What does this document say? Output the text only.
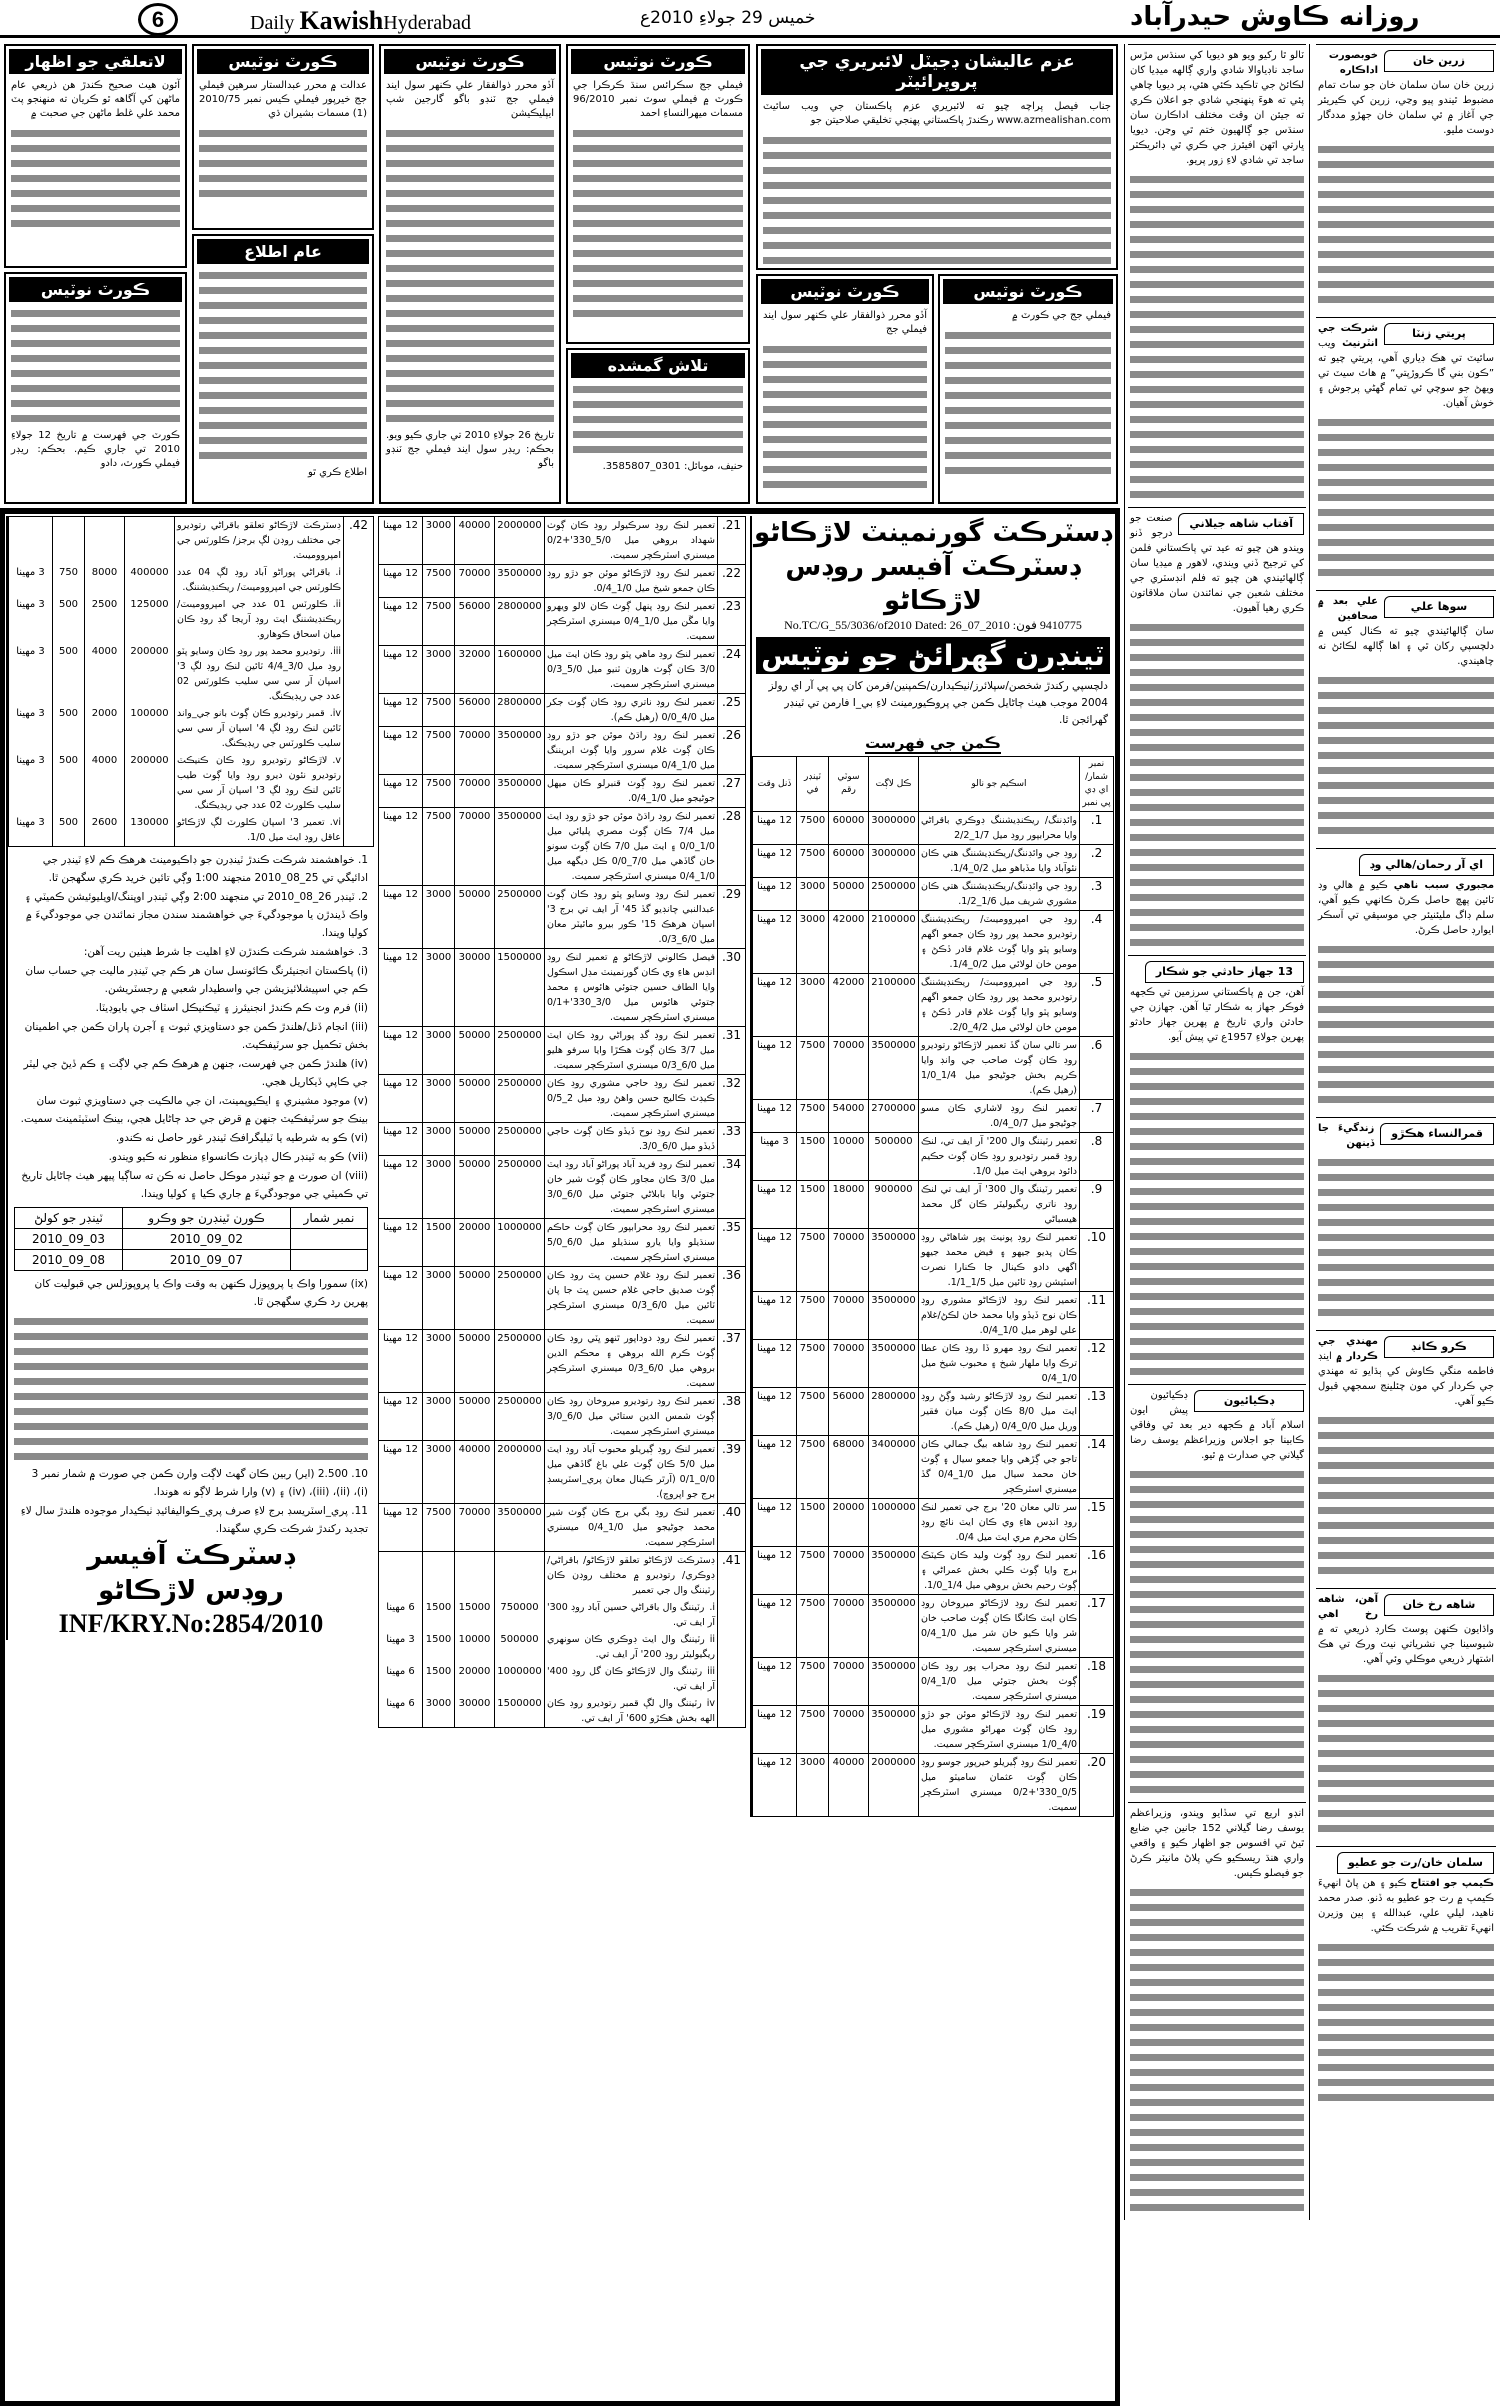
6	Daily KawishHyderabad	خميس 29 جولاءِ 2010ع	روزانه ڪاوش حيدرآباد
لاتعلقي جو اظهار
آئون هيٺ صحيح ڪندڙ هن ذريعي عام ماڻهن کي آگاهه ٿو ڪريان ته منهنجو پٽ محمد علي غلط ماڻهن جي صحبت ۾
ڪورٽ نوٽيس
ڪورٽ جي فهرست ۾ تاريخ 12 جولاءِ 2010 تي جاري ڪيم. بحڪم: ريڊر فيملي ڪورٽ، دادو
ڪورٽ نوٽيس
عدالت ۾ محرر عبدالستار سرهين فيملي جج خيرپور فيملي ڪيس نمبر 2010/75 (1) مسمات بشيران ڌي
عام اطلاع
اطلاع ڪري ٿو
ڪورٽ نوٽيس
آڏو محرر ذوالفقار علي ڪنهر سول ايند فيملي جج ٽنڊو باگو گارجين شپ ايپليڪيشن
تاريخ 26 جولاءِ 2010 تي جاري ڪيو ويو. بحڪم: ريڊر سول ايند فيملي جج ٽنڊو باگو
ڪورٽ نوٽيس
فيملي جج سڪرائس سنڌ ڪرڪرا جي ڪورٽ ۾ فيملي سوٽ نمبر 96/2010 مسمات ميهرالنساءِ احمد
تلاش گمشده
حنيف، موبائل: 0301_3585807.
عزم عاليشان ڊجيٽل لائبريري جي پروپرائيٽر
جناب فيصل پراچه چيو ته لائبريري عزم پاڪستان جي ويب سائيٽ www.azmealishan.com رڪندڙ پاڪستاني پهنجي تخليقي صلاحيتن جو
ڪورٽ نوٽيس
آڏو محرر ذوالفقار علي ڪنهر سول ايند فيملي جج
ڪورٽ نوٽيس
فيملي جج جي ڪورٽ ۾
ڊسٽرڪٽ گورنمينٽ لاڙڪاڻو
ڊسٽرڪٽ آفيسر روڊس لاڙڪاڻو
9410775 فون: No.TC/G_55/3036/of2010 Dated: 26_07_2010
ٽينڊرن گهرائڻ جو نوٽيس
دلچسپي رکندڙ شخصن/سپلائرز/ٺيڪيدارن/ڪمپنين/فرمن کان پي پي آر اي رولز 2004 موجب هيٺ ڄاڻايل ڪمن جي پروڪيورمينٽ لاءِ بي_I فارمن تي ٽينڊر گهرائجن ٿا.
ڪمن جي فهرست
نمبر شمار/اي ڊي پي نمبر	اسڪيم جو نالو	ڪل لاڳت	سوٽي رقم	ٽينڊر في	ڏنل وقت
1.	وائڊننگ/ ريڪنڊيشننگ ڊوڪري باقراڻي وايا محرابپور روڊ ميل 1/7_2/2	3000000	60000	7500	12 مهينا
2.	روڊ جي وائڊننگ/ريڪنڊيشننگ هتي ڪان نئوآباد وايا مڏباهو ميل 0/2_1/4.	3000000	60000	7500	12 مهينا
3.	روڊ جي وائڊننگ/ريڪنڊيشننگ هتي ڪان مشوري شريف ميل 1/6_1/2.	2500000	50000	3000	12 مهينا
4.	روڊ جي امپرووميںٽ/ ريڪنڊيشننگ رتوديرو محمد پور روڊ ڪان جمعو اگهم وسايو پٽو وايا ڳوٺ غلام قادر ڏڪڻ ۽ مومن خان لولائي ميل 0/2_1/4.	2100000	42000	3000	12 مهينا
5.	روڊ جي امپرووميںٽ/ ريڪنڊيشننگ رتوديرو محمد پور روڊ ڪان جمعو اگهم وسايو پٽو وايا ڳوٺ غلام قادر ڏڪڻ ۽ مومن خان لولائي ميل 4/2_2/0.	2100000	42000	3000	12 مهينا
6.	سر تالي سان گڏ تعمير لاڙڪاڻو رتوديرو روڊ ڪان ڳوٺ صاحب جي وانڊ وايا ڪريم بخش جوڻيجو ميل 1/4_1/0 (رهيل ڪم).	3500000	70000	7500	12 مهينا
7.	تعمير لنڪ روڊ لاشاري ڪان مسو جوڻيجو ميل 0/7_0/4.	2700000	54000	7500	12 مهينا
8.	تعمير رٽيننگ وال 200' آر ايف تي، لنڪ روڊ قمبر رتوديرو روڊ ڪان ڳوٺ حڪيم دائود بروهي ايٽ ميل 1/0.	500000	10000	1500	3 مهينا
9.	تعمير رٽيننگ وال 300' آر ايف تي لنڪ روڊ ناتري ريگيوليٽر ڪان گل محمد هيسباڻي	900000	18000	1500	12 مهينا
10.	تعمير لنڪ روڊ پونيٽ پور شاهاڻي روڊ ڪان پديو جيهو ۽ فيض محمد جيهو اگهي دادو ڪينال جا ڪنارا نصرت اسٽيشن روڊ ٽائين ميل 1/5_1/1.	3500000	70000	7500	12 مهينا
11.	تعمير لنڪ روڊ لاڙڪاڻو مشوري روڊ ڪان نوح ڏيڏو وايا محمد خان لڪڻ/غلام علي لوهر ميل 1/0_0/4.	3500000	70000	7500	12 مهينا
12.	تعمير لنڪ روڊ مهرو ڏا روڊ ڪان عطا ترڪ وايا ملهار شيخ ۽ محبوب شيخ ميل 1/0_0/4	3500000	70000	7500	12 مهينا
13.	تعمير لنڪ روڊ لاڙڪاڻو رشيد وڳڻ روڊ ايٽ ميل 8/0 ڪان ڳوٺ ميان فقير وريل ميل 0/0_0/4 (رهيل ڪم).	2800000	56000	7500	12 مهينا
14.	تعمير لنڪ روڊ شاهه بيگ جمالي ڪان تاجو جي ڳڙهي وايا جمعو سيال ۽ ڳوٺ خان محمد سيال ميل 1/0_0/4 گڏ ميسنري اسٽرڪچر	3400000	68000	7500	12 مهينا
15.	سر تالي معان 20' برج جي تعمير لنڪ روڊ انڊس هاءِ وي ڪان ايٽ نائچ روڊ ڪان محرم مري ايٽ ميل 0/4.	1000000	20000	1500	12 مهينا
16.	تعمير لنڪ روڊ ڳوٺ وليد ڪان ڪيٽڪ برج وايا ڳوٺ ڪلي بخش عمراڻي ۽ ڳوٺ رحيم بخش بروهي ميل 1/4_1/0.	3500000	70000	7500	12 مهينا
17.	تعمير لنڪ روڊ لاڙڪاڻو ميروخان روڊ ڪان ايٽ ڪانگا ڪان ڳوٺ صاحب خان شر وايا ڪيو خان شر ميل 1/0_0/4 ميسنري اسٽرڪچر سميت.	3500000	70000	7500	12 مهينا
18.	تعمير لنڪ روڊ محراب پور روڊ ڪان ڳوٺ بخش جتوئي ميل 1/0_0/4 ميسنري اسٽرڪچر سميت.	3500000	70000	7500	12 مهينا
19.	تعمير لنڪ روڊ لاڙڪاڻو موئن جو دڙو روڊ ڪان ڳوٺ مهراڻو مشوري ميل 4/0_1/0 ميسنري اسٽرڪچر سميت.	3500000	70000	7500	12 مهينا
20.	تعمير لنڪ روڊ ڳيريلو خيرپور جوسو روڊ ڪان ڳوٺ عثمان ساميٽو ميل 0/5_330'+0/2 ميسنري اسٽرڪچر سميت.	2000000	40000	3000	12 مهينا
21.	تعمير لنڪ روڊ سرڪيولر روڊ ڪان ڳوٺ شهداد بروهي ميل 5/0_330'+0/2 ميسنري اسٽرڪچر سميت.	2000000	40000	3000	12 مهينا
22.	تعمير لنڪ روڊ لاڙڪاڻو موئن جو دڙو روڊ ڪان جمعو شيخ ميل 1/0_0/4.	3500000	70000	7500	12 مهينا
23.	تعمير لنڪ روڊ پنهل ڳوٺ ڪان لالو ويهرو وايا مڱن ميل 1/0_0/4 ميسنري اسٽرڪچر سميت.	2800000	56000	7500	12 مهينا
24.	تعمير لنڪ روڊ ماهي پٽو روڊ ڪان ايٽ ميل 3/0 ڪان ڳوٺ هارون ٽنيو ميل 5/0_0/3 ميسنري اسٽرڪچر سميت.	1600000	32000	3000	12 مهينا
25.	تعمير لنڪ روڊ ناتري روڊ ڪان ڳوٺ جکر ميل 4/0_0/0 (رهيل ڪم).	2800000	56000	7500	12 مهينا
26.	تعمير لنڪ روڊ راڌڻ موئن جو دڙو روڊ ڪان ڳوٺ غلام سرور وايا ڳوٺ ابريننگ ميل 1/0_0/4 ميسنري اسٽرڪچر سميت.	3500000	70000	7500	12 مهينا
27.	تعمير لنڪ روڊ ڳوٺ قنبرلو ڪان ميهل جوڻيجو ميل 1/0_0/4.	3500000	70000	7500	12 مهينا
28.	تعمير لنڪ روڊ راڌڻ موئن جو دڙو روڊ ايٽ ميل 7/4 ڪان ڳوٺ مصري پليائي ميل 1/0_0/0 ۽ ايٽ ميل 7/0 ڪان ڳوٺ سونو خان گاڏهي ميل 7/0_0/0 ڪل ديگهه ميل 1/0_0/4 ميسنري اسٽرڪچر سميت.	3500000	70000	7500	12 مهينا
29.	تعمير لنڪ روڊ وسايو پٽو روڊ ڪان ڳوٺ عبدالنبي چانڊيو گڏ 45' آر ايف تي برج 3' اسپان هرهڪ 15' ڪور بيرو مائيٽر معان ميل 6/0_0/3.	2500000	50000	3000	12 مهينا
30.	فيصل ڪالوني لاڙڪاڻو ۾ تعمير لنڪ روڊ انڊس هاءِ وي ڪان گورنمينٽ مڊل اسڪول وايا الطاف حسين جتوئي هائوس ۽ محمد جتوئي هائوس ميل 3/0_330'+0/1 ميسنري اسٽرڪچر سميت.	1500000	30000	3000	12 مهينا
31.	تعمير لنڪ روڊ گڊ پوراڻي روڊ ڪان ايٽ ميل 3/7 ڪان ڳوٺ هڪڙا وايا سرفو هليو ميل 6/0_0/3 ميسنري اسٽرڪچر سميت.	2500000	50000	3000	12 مهينا
32.	تعمير لنڪ روڊ حاجي مشوري روڊ ڪان ڪيڊٽ ڪاليج حسن واهڻ روڊ ميل 2_0/5 ميسنري اسٽرڪچر سميت.	2500000	50000	3000	12 مهينا
33.	تعمير لنڪ روڊ نوح ڏيڏو ڪان ڳوٺ حاجي ڏيڏو ميل 6/0_3/0.	2500000	50000	3000	12 مهينا
34.	تعمير لنڪ روڊ فريد آباد پوراڻو آباد روڊ ايٽ ميل 3/0 ڪان مجاور ڪان ڳوٺ شير خان جتوئي وايا بابلاڻي جتوئي ميل 6/0_3/0 ميسنري اسٽرڪچر سميت.	2500000	50000	3000	12 مهينا
35.	تعمير لنڪ روڊ محرابپور ڪان ڳوٺ حاڪم سنڌيلو وايا يارو سنڌيلو ميل 6/0_5/0 ميسنري اسٽرڪچر سميت.	1000000	20000	1500	12 مهينا
36.	تعمير لنڪ روڊ غلام حسين ڀٽ روڊ ڪان ڳوٺ صديق حاجي غلام حسين ڀٽ جا پان ٽائين ميل 6/0_0/3 ميسنري اسٽرڪچر سميت.	2500000	50000	3000	12 مهينا
37.	تعمير لنڪ روڊ دوداپور ٿنهو ڀٽي روڊ ڪان ڳوٺ ڪرم الله بروهي ۽ محڪم الدين بروهي ميل 6/0_0/3 ميسنري اسٽرڪچر سميت.	2500000	50000	3000	12 مهينا
38.	تعمير لنڪ روڊ رتوديرو ميروخان روڊ ڪان ڳوٺ شمس الدين ستائي ميل 6/0_3/0 ميسنري اسٽرڪچر سميت.	2500000	50000	3000	12 مهينا
39.	تعمير لنڪ روڊ ڳيريلو محبوب آباد روڊ ايٽ ميل 5/0 ڪان ڳوٺ علي باغ گاڏهي ميل 0/0_0/1 (آرٿر ڪينال معان پري_اسٽريسڊ برج جو اپروچ).	2000000	40000	3000	12 مهينا
40.	تعمير لنڪ روڊ بگي برج ڪان ڳوٺ شير محمد جوڻيجو ميل 1/0_0/4 ميسنري اسٽرڪچر سميت.	3500000	70000	7500	12 مهينا
41.	ڊسٽرڪٽ لاڙڪاڻو تعلقو لاڙڪاڻو/ باقراڻي/ ڊوڪري/ رتوديرو ۾ مختلف روڊن ڪان رٽيننگ وال جي تعمير				
	i.رٽيننگ وال باقراڻي حسين آباد روڊ 300' آر ايف تي.	750000	15000	1500	6 مهينا
	iiرٽيننگ وال ايٽ ڊوڪري ڪان سونهري ريگيوليٽر روڊ 200' آر ايف تي.	500000	10000	1500	3 مهينا
	iiiرٽيننگ وال لاڙڪاڻو ڪان گل روڊ 400' آر ايف تي.	1000000	20000	1500	6 مهينا
	ivرٽيننگ وال لڳ قمبر رتوديرو روڊ ڪان الهه بخش هڪڙو 600' آر ايف تي.	1500000	30000	3000	6 مهينا
42.	ڊسٽرڪٽ لاڙڪاڻو تعلقو باقراڻي رتوديرو جي مختلف روڊن لڳ برجز/ ڪلورٽس جي امپرووميںٽ.				
	i.باقراڻي پوراڻو آباد روڊ لڳ 04 عدد ڪلورٽس جي امپرووميںٽ/ ريڪنڊيشننگ.	400000	8000	750	3 مهينا
	ii.ڪلورٽس 01 عدد جي امپرووميںٽ/ ريڪنڊيشننگ ايٽ روڊ آريجا گڊ روڊ ڪان ميان اسحاق ڪوهارو.	125000	2500	500	3 مهينا
	iii.رتوديرو محمد پور روڊ ڪان وسايو پٽو روڊ ميل 3/0_4/4 ٽائين لنڪ روڊ لڳ 3' اسپان آر سي سي سليب ڪلورٽس 02 عدد جي ريڊيڪنگ.	200000	4000	500	3 مهينا
	iv.قمبر رتوديرو ڪان ڳوٺ بانو جي_واند ٽائين لنڪ روڊ لڳ 4' اسپان آر سي سي سليب ڪلورٽس جي ريڊيڪنگ.	100000	2000	500	3 مهينا
	v.لاڙڪاڻو رتوديرو روڊ ڪان ڪنيڪٽ رتوديرو نئون ديرو روڊ وايا ڳوٺ طيب ٽائين لنڪ روڊ لڳ 3' اسپان آر سي سي سليب ڪلورٽ 02 عدد جي ريڊيڪنگ.	200000	4000	500	3 مهينا
	vi.تعمير 3' اسپان ڪلورٽ لڳ لاڙڪاڻو عاقل روڊ ايٽ ميل 1/0.	130000	2600	500	3 مهينا
1. خواهشمند شرڪت ڪندڙ ٽينڊرن جو ڊاڪيومينٽ هرهڪ ڪم لاءِ ٽينڊر جي ادائيگي تي 25_08_2010 منجهند 1:00 وڳي تائين خريد ڪري سگهجن ٿا.
2. ٽينڊر 26_08_2010 تي منجهند 2:00 وڳي ٽينڊر اوپننگ/اويليوئيشن ڪميٽي ۽ واڪ ڏيندڙن يا موجودگيءَ جي خواهشمند سندن مجاز نمائندن جي موجودگيءَ ۾ کوليا ويندا.
3. خواهشمند شرڪت ڪندڙن لاءِ اهليت جا شرط هيٺين ريت آهن:
(i) پاڪستان انجنيئرنگ ڪائونسل سان هر ڪم جي ٽينڊر ماليت جي حساب سان ڪم جي اسپيشلائيزيشن جي واسطيدار شعبي ۾ رجسٽريشن.
(ii) فرم وٽ ڪم ڪندڙ انجنيئرز ۽ ٽيڪنيڪل اسٽاف جي بايوڊيٽا.
(iii) انجام ڏنل/هلندڙ ڪمن جو دستاويزي ثبوت ۽ آجرن پاران ڪمن جي اطمينان بخش تڪميل جو سرٽيفڪيٽ.
(iv) هلندڙ ڪمن جي فهرست، جنهن ۾ هرهڪ ڪم جي لاڳت ۽ ڪم ڏيڻ جي ليٽر جي ڪاپي ڏيکاريل هجي.
(v) موجود مشينري ۽ ايڪيوپمينٽ، ان جي مالڪيت جي دستاويزي ثبوت سان بينڪ جو سرٽيفڪيٽ جنهن ۾ قرض جي حد ڄاڻايل هجي، بينڪ اسٽيٽمينٽ سميت.
(vi) ڪو به شرطيه يا ٽيليگرافڪ ٽينڊر غور حاصل نه ڪندو.
(vii) ڪو به ٽينڊر ڪال ڊپازٽ ڪانسواءِ منظور نه ڪيو ويندو.
(viii) ان صورت ۾ جو ٽينڊر موڪل حاصل نه ڪن ته ساڳيا پيهر هيٺ ڄاڻايل تاريخ تي ڪميٽي جي موجودگيءَ ۾ جاري ڪيا ۽ کوليا ويندا.
نمبر شمار	ڪورن ٽينڊرن جو وڪرو	ٽينڊر جو کولڻ
	02_09_2010	03_09_2010
	07_09_2010	08_09_2010
(ix) سمورا واڪ يا پروپوزل ڪنهن به وقت واڪ يا پروپوزلس جي قبوليت کان پهرين رد ڪري سگهجن ٿا.
10. 2.500 (اير) ربين ڪان گهٽ لاڳت وارن ڪمن جي صورت ۾ شمار نمبر 3 (i)، (ii)، (iii)، (iv) ۽ (v) وارا شرط لاڳو نه هوندا.
11. پري_اسٽريسڊ برج لاءِ صرف پري_ڪواليفائيڊ ٺيڪيدار موجوده هلندڙ سال لاءِ تجديد رکندڙ شرڪت ڪري سگهندا.
ڊسٽرڪٽ آفيسر
روڊس لاڙڪاڻو
INF/KRY.No:2854/2010
ٽالو ٿا رکيو ويو هو ديويا کي سنڌس مڙس ساجد ناڊياوالا شادي واري ڳالهه ميڊيا کان لڪائڻ جي تاڪيد ڪئي هئي، پر ديويا چاهي پئي ته هوءَ پنهنجي شادي جو اعلان ڪري ته جيئن ان وقت مختلف اداڪارن سان سنڌس جو ڳالهيون ختم ٿي وڃن. ديويا ڀارتي اٿهن افيئرز جي ڪري ٿي ڊائريڪٽر ساجد تي شادي لاءِ زور پريو.
آفتاب شاهه جيلاني
صنعت جو درجو ڏنو ويندو هن چيو ته عيد تي پاڪستاني فلمن کي ترجيح ڏني ويندي، لاهور ۾ ميڊيا سان ڳالهائيندي هن چيو ته فلم انڊسٽري جي مختلف شعبن جي نمائندن سان ملاقاتون ڪري رهيا آهيون.
13 جهاز حادثي جو شڪار
آهن، جن ۾ پاڪستاني سرزمين تي ڪجهه فوڪر جهاز به شڪار ٿيا آهن. جهازن جي حادثن واري تاريخ ۾ پهرين جهاز حادثو پهرين جولاءِ 1957ع تي پيش آيو.
ڊڪيائيون
ڊڪيائيون پيش ايون اسلام آباد ۾ ڪجهه دير بعد ٿي وفاقي ڪابينا جو اجلاس وزيراعظم يوسف رضا گيلاني جي صدارت ۾ ٿيو.
انڊو اريع تي سڏايو ويندو، وزيراعظم يوسف رضا گيلاني 152 جانين جي ضايع ٿيڻ تي افسوس جو اظهار ڪيو ۽ واقعي واري هنڌ ريسڪيو ڪي پلاڻ مانيٽر ڪرڻ جو فيصلو ڪيس.
زرين خان
خوبصورت اداڪاره زرين خان سان سلمان خان جو ساٿ تمام مضبوط ٿيندو پيو وڃي، زرين کي ڪيريئر جي آغاز ۾ ئي سلمان خان جهڙو مددگار دوست مليو.
پريتي زنٽا
شرڪت جي انٽرنيٽ ويب سائيٽ تي هڪ ڊياري آهي، پريتي چيو ته ”ڪون بني گا ڪروڙپتي“ ۾ هاٽ سيٽ تي ويهڻ جو سوچي ئي تمام گهڻي پرجوش ۽ خوش آهيان.
سوها علي
علي بعد ۾ صحافين سان ڳالهائيندي چيو ته ڪنال کيس ۾ دلچسپي رکان ٿي ۽ اها ڳالهه لڪائڻ نه چاهيندي.
اي آر رحمان/هالي وڊ
مجبوري سبب ناهي ڪيو ۾ هالي وڊ ٽائين پهچ حاصل ڪرڻ ڪانهي ڪيو آهي، سلم ڊاگ مليئنيئر جي موسيقي تي آسڪر ايوارڊ حاصل ڪرڻ.
قمرالنساء هڪڙو
زندگيءَ جا ڏينهن
ڪرو ڪانڊ
مهندي جي ڪردار ۾ اينڊ فاطمه منگي ڪاوش کي ٻڌايو ته مهندي جي ڪردار کي مون چئلينج سمجهي قبول ڪيو آهي.
شاهه رخ خان
آهن، شاهه رخ اهي واڌايون ڪنهن پوسٽ ڪارڊ ذريعي ته ۾ شيوسينا جي نشرياتي نيٽ ورڪ تي هڪ اشتهار ذريعي موڪلي وئي آهي.
سلمان خان/رت جو عطيو
ڪيمپ جو افتتاح ڪيو ۽ هن پاڻ انهيءَ ڪيمپ ۾ رت جو عطيو به ڏنو. صدر محمد ناهيد، ليلي علي، عبدالله ۽ ٻين وزيرن انهيءَ تقريب ۾ شرڪت ڪئي.
